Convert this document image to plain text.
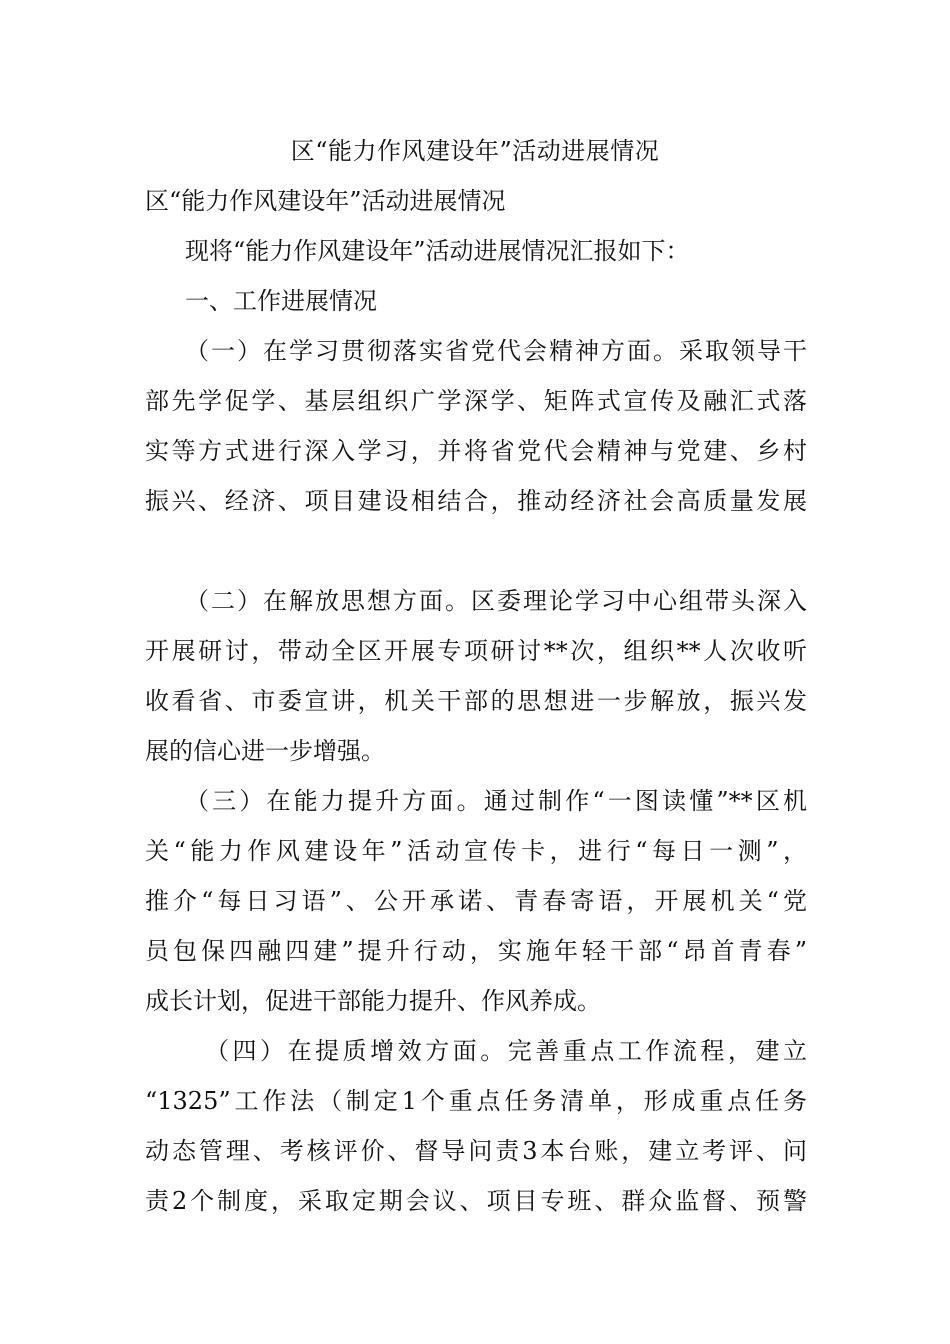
区“能力作风建设年”活动进展情况
区“能力作风建设年”活动进展情况
现将“能力作风建设年”活动进展情况汇报如下：
一、工作进展情况
（一）在学习贯彻落实省党代会精神方面。采取领导干
部先学促学、基层组织广学深学、矩阵式宣传及融汇式落
实等方式进行深入学习，并将省党代会精神与党建、乡村
振兴、经济、项目建设相结合，推动经济社会高质量发展
（二）在解放思想方面。区委理论学习中心组带头深入
开展研讨，带动全区开展专项研讨**次，组织**人次收听
收看省、市委宣讲，机关干部的思想进一步解放，振兴发
展的信心进一步增强。
（三）在能力提升方面。通过制作“一图读懂”**区机
关“能力作风建设年”活动宣传卡，进行“每日一测”，
推介“每日习语”、公开承诺、青春寄语，开展机关“党
员包保四融四建”提升行动，实施年轻干部“昂首青春”
成长计划，促进干部能力提升、作风养成。
（四）在提质增效方面。完善重点工作流程，建立
“1325”工作法（制定1个重点任务清单，形成重点任务
动态管理、考核评价、督导问责3本台账，建立考评、问
责2个制度，采取定期会议、项目专班、群众监督、预警
